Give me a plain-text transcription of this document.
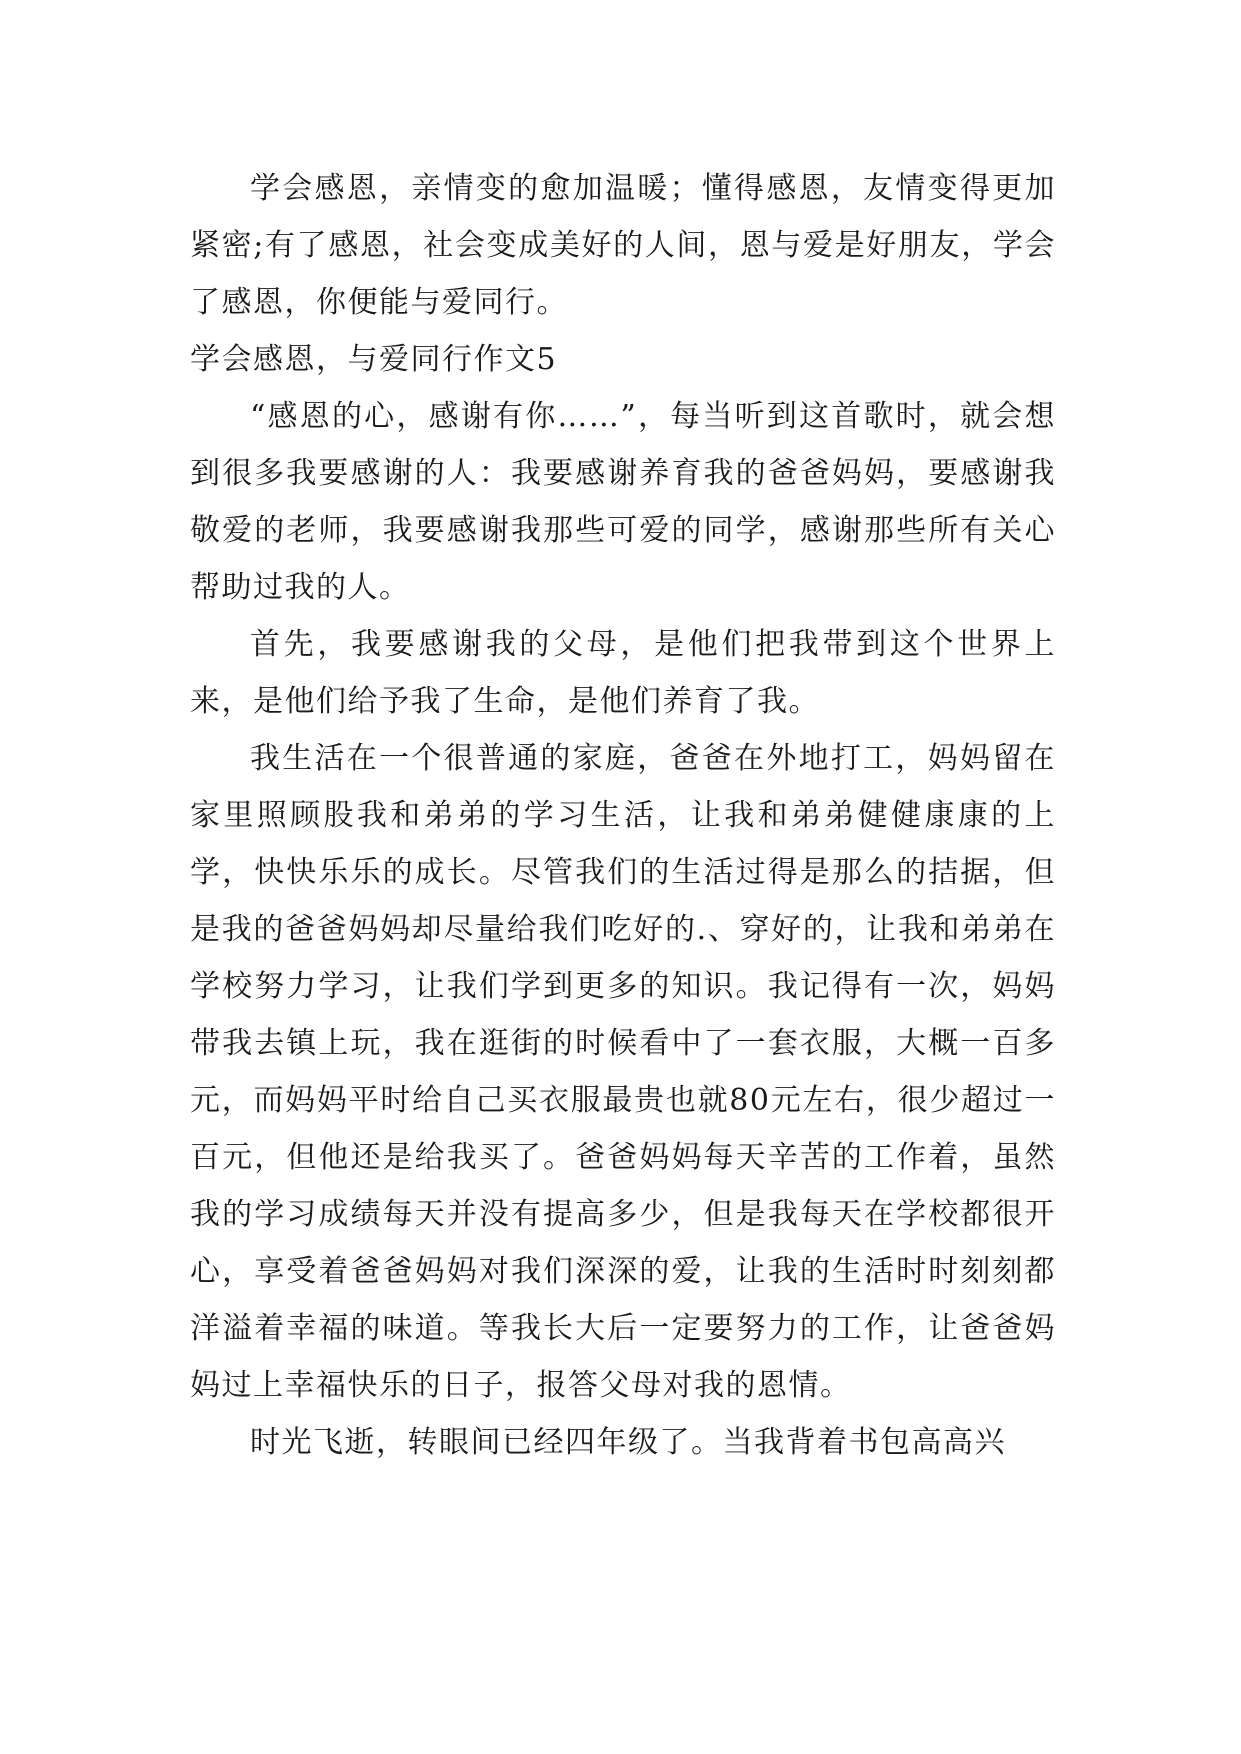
学会感恩，亲情变的愈加温暖；懂得感恩，友情变得更加紧密;有了感恩，社会变成美好的人间，恩与爱是好朋友，学会了感恩，你便能与爱同行。

学会感恩，与爱同行作文5

“感恩的心，感谢有你……”，每当听到这首歌时，就会想到很多我要感谢的人：我要感谢养育我的爸爸妈妈，要感谢我敬爱的老师，我要感谢我那些可爱的同学，感谢那些所有关心帮助过我的人。

首先，我要感谢我的父母，是他们把我带到这个世界上来，是他们给予我了生命，是他们养育了我。

我生活在一个很普通的家庭，爸爸在外地打工，妈妈留在家里照顾股我和弟弟的学习生活，让我和弟弟健健康康的上学，快快乐乐的成长。尽管我们的生活过得是那么的拮据，但是我的爸爸妈妈却尽量给我们吃好的.、穿好的，让我和弟弟在学校努力学习，让我们学到更多的知识。我记得有一次，妈妈带我去镇上玩，我在逛街的时候看中了一套衣服，大概一百多元，而妈妈平时给自己买衣服最贵也就80元左右，很少超过一百元，但他还是给我买了。爸爸妈妈每天辛苦的工作着，虽然我的学习成绩每天并没有提高多少，但是我每天在学校都很开心，享受着爸爸妈妈对我们深深的爱，让我的生活时时刻刻都洋溢着幸福的味道。等我长大后一定要努力的工作，让爸爸妈妈过上幸福快乐的日子，报答父母对我的恩情。

时光飞逝，转眼间已经四年级了。当我背着书包高高兴
